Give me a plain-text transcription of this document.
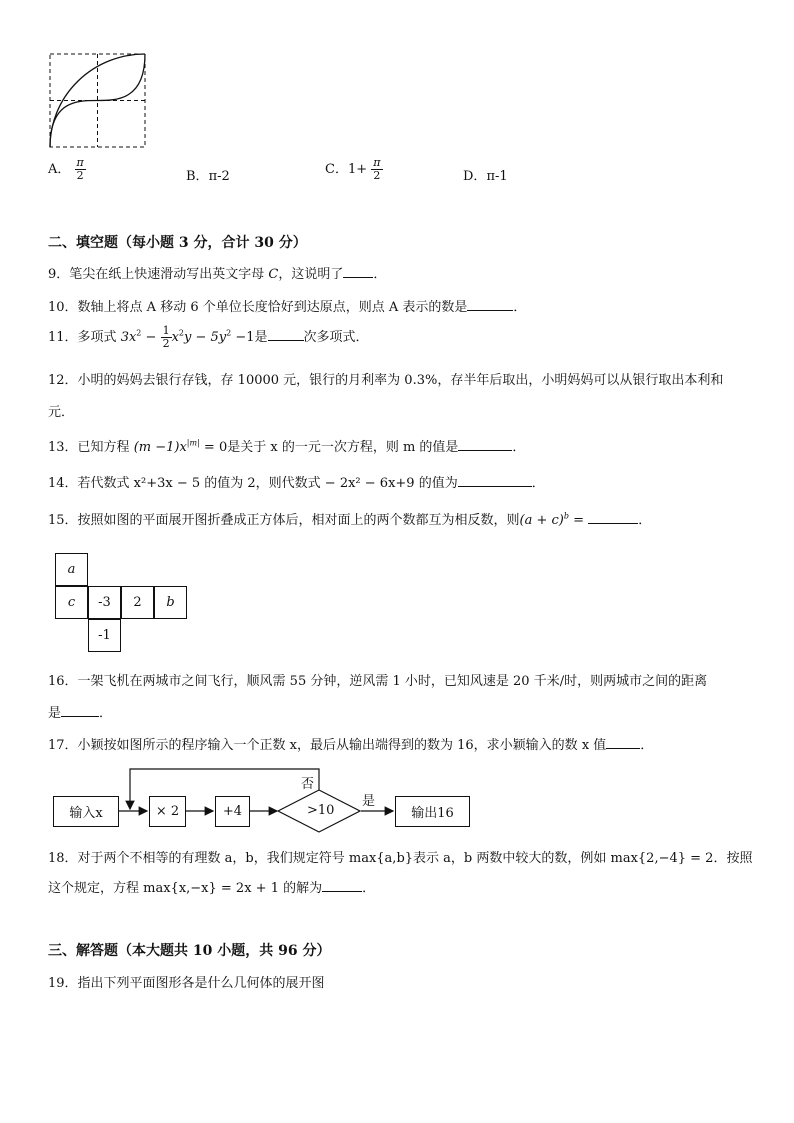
A． $\frac{\pi}{2}$	B．π-2	C．$1+ \frac{\pi}{2}$	D．π-1
二、填空题（每小题 3 分，合计 30 分）
9．笔尖在纸上快速滑动写出英文字母 C，这说明了 ．
10．数轴上将点 A 移动 6 个单位长度恰好到达原点，则点 A 表示的数是	．
11．多项式 $3x^2 - \frac{1}{2} x^2y - 5y^2 -1$是	次多项式．
12．小明的妈妈去银行存钱，存 10000 元，银行的月利率为 0.3%，存半年后取出，小明妈妈可以从银行取出本利和
元．
13．已知方程 $(m -1)x^{|m|} = 0$是关于 x 的一元一次方程，则 m 的值是	．
14．若代数式 x²+3x − 5 的值为 2，则代数式 − 2x² − 6x+9 的值为	．
15．按照如图的平面展开图折叠成正方体后，相对面上的两个数都互为相反数，则$(a + c)^b$ =	．
a
c	-3	2	b
-1
16．一架飞机在两城市之间飞行，顺风需 55 分钟，逆风需 1 小时，已知风速是 20 千米/时，则两城市之间的距离
是	．
17．小颖按如图所示的程序输入一个正数 x，最后从输出端得到的数为 16，求小颖输入的数 x 值	．
输入x	× 2	+4	>10
否
是
输出16
18．对于两个不相等的有理数 a，b，我们规定符号 max{a,b}表示 a，b 两数中较大的数，例如 max{2,−4} = 2．按照
这个规定，方程 max{x,−x} = 2x + 1 的解为	．
三、解答题（本大题共 10 小题，共 96 分）
19．指出下列平面图形各是什么几何体的展开图
